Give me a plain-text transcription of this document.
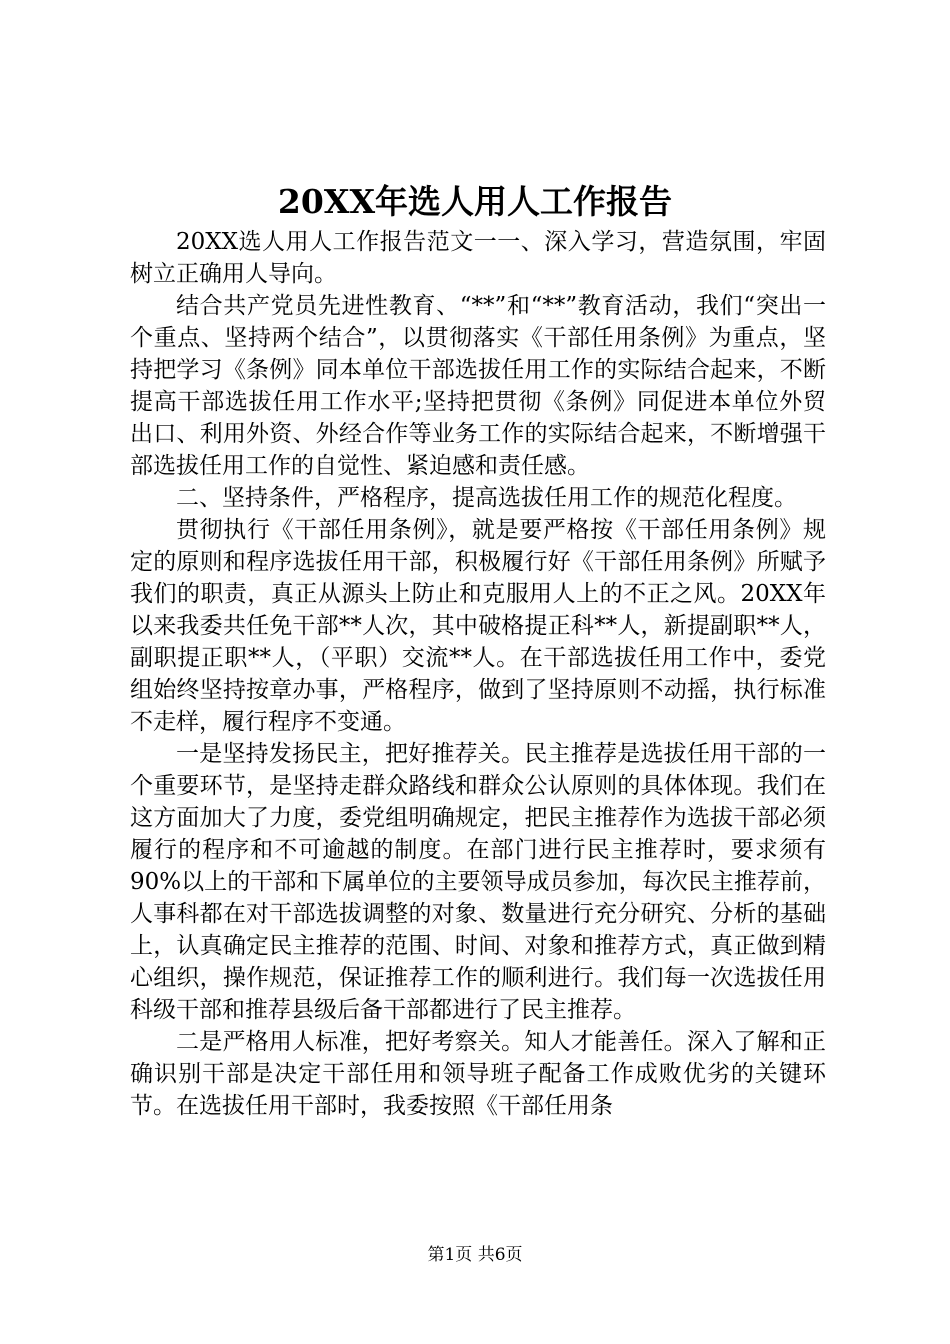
20XX年选人用人工作报告

20XX选人用人工作报告范文一一、深入学习，营造氛围，牢固树立正确用人导向。

结合共产党员先进性教育、“**”和“**”教育活动，我们“突出一个重点、坚持两个结合”，以贯彻落实《干部任用条例》为重点，坚持把学习《条例》同本单位干部选拔任用工作的实际结合起来，不断提高干部选拔任用工作水平;坚持把贯彻《条例》同促进本单位外贸出口、利用外资、外经合作等业务工作的实际结合起来，不断增强干部选拔任用工作的自觉性、紧迫感和责任感。

二、坚持条件，严格程序，提高选拔任用工作的规范化程度。

贯彻执行《干部任用条例》，就是要严格按《干部任用条例》规定的原则和程序选拔任用干部，积极履行好《干部任用条例》所赋予我们的职责，真正从源头上防止和克服用人上的不正之风。20XX年以来我委共任免干部**人次，其中破格提正科**人，新提副职**人，副职提正职**人，（平职）交流**人。在干部选拔任用工作中，委党组始终坚持按章办事，严格程序，做到了坚持原则不动摇，执行标准不走样，履行程序不变通。

一是坚持发扬民主，把好推荐关。民主推荐是选拔任用干部的一个重要环节，是坚持走群众路线和群众公认原则的具体体现。我们在这方面加大了力度，委党组明确规定，把民主推荐作为选拔干部必须履行的程序和不可逾越的制度。在部门进行民主推荐时，要求须有90%以上的干部和下属单位的主要领导成员参加，每次民主推荐前，人事科都在对干部选拔调整的对象、数量进行充分研究、分析的基础上，认真确定民主推荐的范围、时间、对象和推荐方式，真正做到精心组织，操作规范，保证推荐工作的顺利进行。我们每一次选拔任用科级干部和推荐县级后备干部都进行了民主推荐。

二是严格用人标准，把好考察关。知人才能善任。深入了解和正确识别干部是决定干部任用和领导班子配备工作成败优劣的关键环节。在选拔任用干部时，我委按照《干部任用条

第1页 共6页
